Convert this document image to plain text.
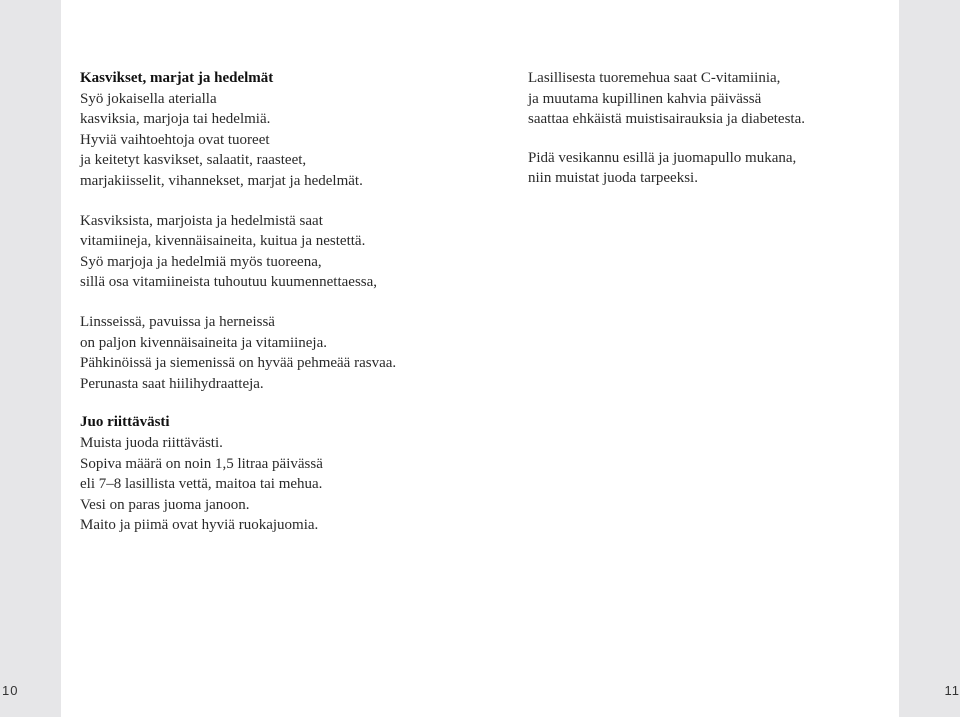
Kasvikset, marjat ja hedelmät

Syö jokaisella aterialla

kasviksia, marjoja tai hedelmiä.

Hyviä vaihtoehtoja ovat tuoreet

ja keitetyt kasvikset, salaatit, raasteet,

marjakiisselit, vihannekset, marjat ja hedelmät.

Kasviksista, marjoista ja hedelmistä saat

vitamiineja, kivennäisaineita, kuitua ja nestettä.

Syö marjoja ja hedelmiä myös tuoreena,

sillä osa vitamiineista tuhoutuu kuumennettaessa,

Linsseissä, pavuissa ja herneissä

on paljon kivennäisaineita ja vitamiineja.

Pähkinöissä ja siemenissä on hyvää pehmeää rasvaa.

Perunasta saat hiilihydraatteja.

Juo riittävästi

Muista juoda riittävästi.

Sopiva määrä on noin 1,5 litraa päivässä

eli 7–8 lasillista vettä, maitoa tai mehua.

Vesi on paras juoma janoon.

Maito ja piimä ovat hyviä ruokajuomia.

Lasillisesta tuoremehua saat C-vitamiinia,

ja muutama kupillinen kahvia päivässä

saattaa ehkäistä muistisairauksia ja diabetesta.

Pidä vesikannu esillä ja juomapullo mukana,

niin muistat juoda tarpeeksi.

10	11
